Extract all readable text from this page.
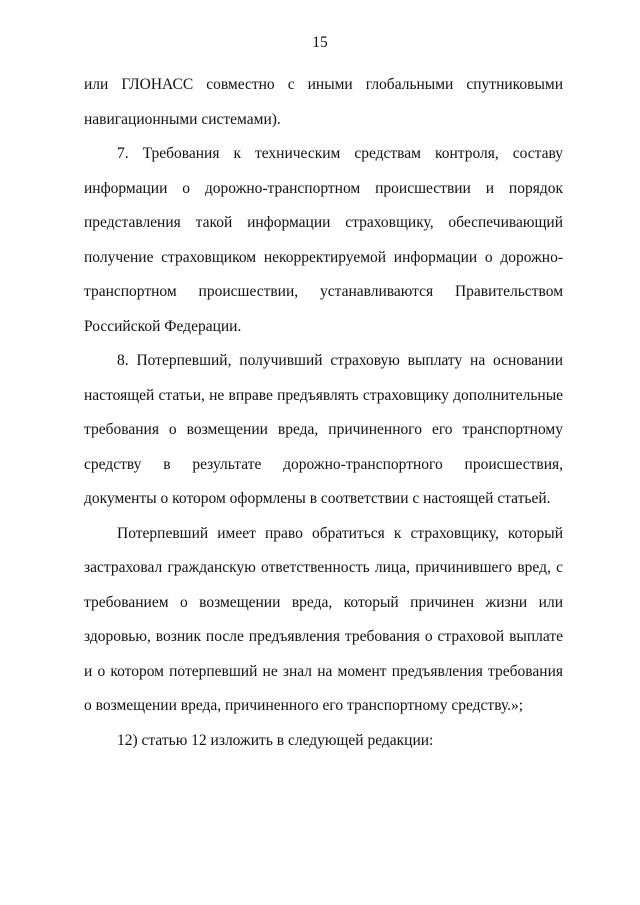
15

или ГЛОНАСС совместно с иными глобальными спутниковыми навигационными системами).

7. Требования к техническим средствам контроля, составу информации о дорожно-транспортном происшествии и порядок представления такой информации страховщику, обеспечивающий получение страховщиком некорректируемой информации о дорожно-транспортном происшествии, устанавливаются Правительством Российской Федерации.

8. Потерпевший, получивший страховую выплату на основании настоящей статьи, не вправе предъявлять страховщику дополнительные требования о возмещении вреда, причиненного его транспортному средству в результате дорожно-транспортного происшествия, документы о котором оформлены в соответствии с настоящей статьей.

Потерпевший имеет право обратиться к страховщику, который застраховал гражданскую ответственность лица, причинившего вред, с требованием о возмещении вреда, который причинен жизни или здоровью, возник после предъявления требования о страховой выплате и о котором потерпевший не знал на момент предъявления требования о возмещении вреда, причиненного его транспортному средству.»;

12) статью 12 изложить в следующей редакции:
